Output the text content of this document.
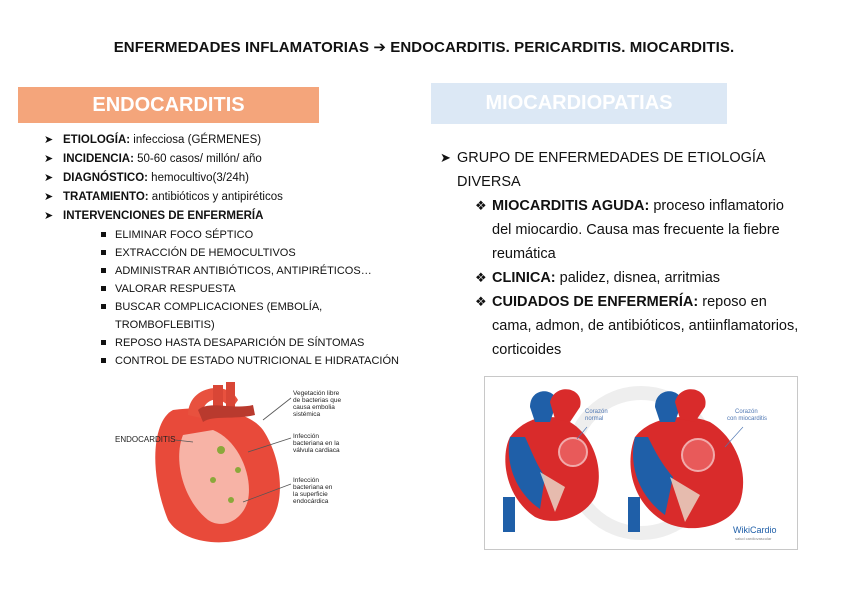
ENFERMEDADES INFLAMATORIAS ➔ ENDOCARDITIS. PERICARDITIS. MIOCARDITIS.
ENDOCARDITIS	MIOCARDIOPATIAS
➤ ETIOLOGÍA: infecciosa (GÉRMENES)
➤ INCIDENCIA: 50-60 casos/ millón/ año
➤ DIAGNÓSTICO: hemocultivo(3/24h)
➤ TRATAMIENTO: antibióticos y antipiréticos
➤ INTERVENCIONES DE ENFERMERÍA
ELIMINAR FOCO SÉPTICO
EXTRACCIÓN DE HEMOCULTIVOS
ADMINISTRAR ANTIBIÓTICOS, ANTIPIRÉTICOS…
VALORAR RESPUESTA
BUSCAR COMPLICACIONES (EMBOLÍA, TROMBOFLEBITIS)
REPOSO HASTA DESAPARICIÓN DE SÍNTOMAS
CONTROL DE ESTADO NUTRICIONAL E HIDRATACIÓN
➤ GRUPO DE ENFERMEDADES DE ETIOLOGÍA
DIVERSA
❖ MIOCARDITIS AGUDA: proceso inflamatorio del miocardio. Causa mas frecuente la fiebre reumática
❖ CLINICA: palidez, disnea, arritmias
❖ CUIDADOS DE ENFERMERÍA: reposo en cama, admon, de antibióticos, antiinflamatorios, corticoides
ENDOCARDITIS
Vegetación libre de bacterias que causa embolia sistémica
Infección bacteriana en la válvula cardiaca
Infección bacteriana en la superficie endocárdica
Corazón normal
Corazón con miocarditis
WikiCardio
salud cardiovascular
